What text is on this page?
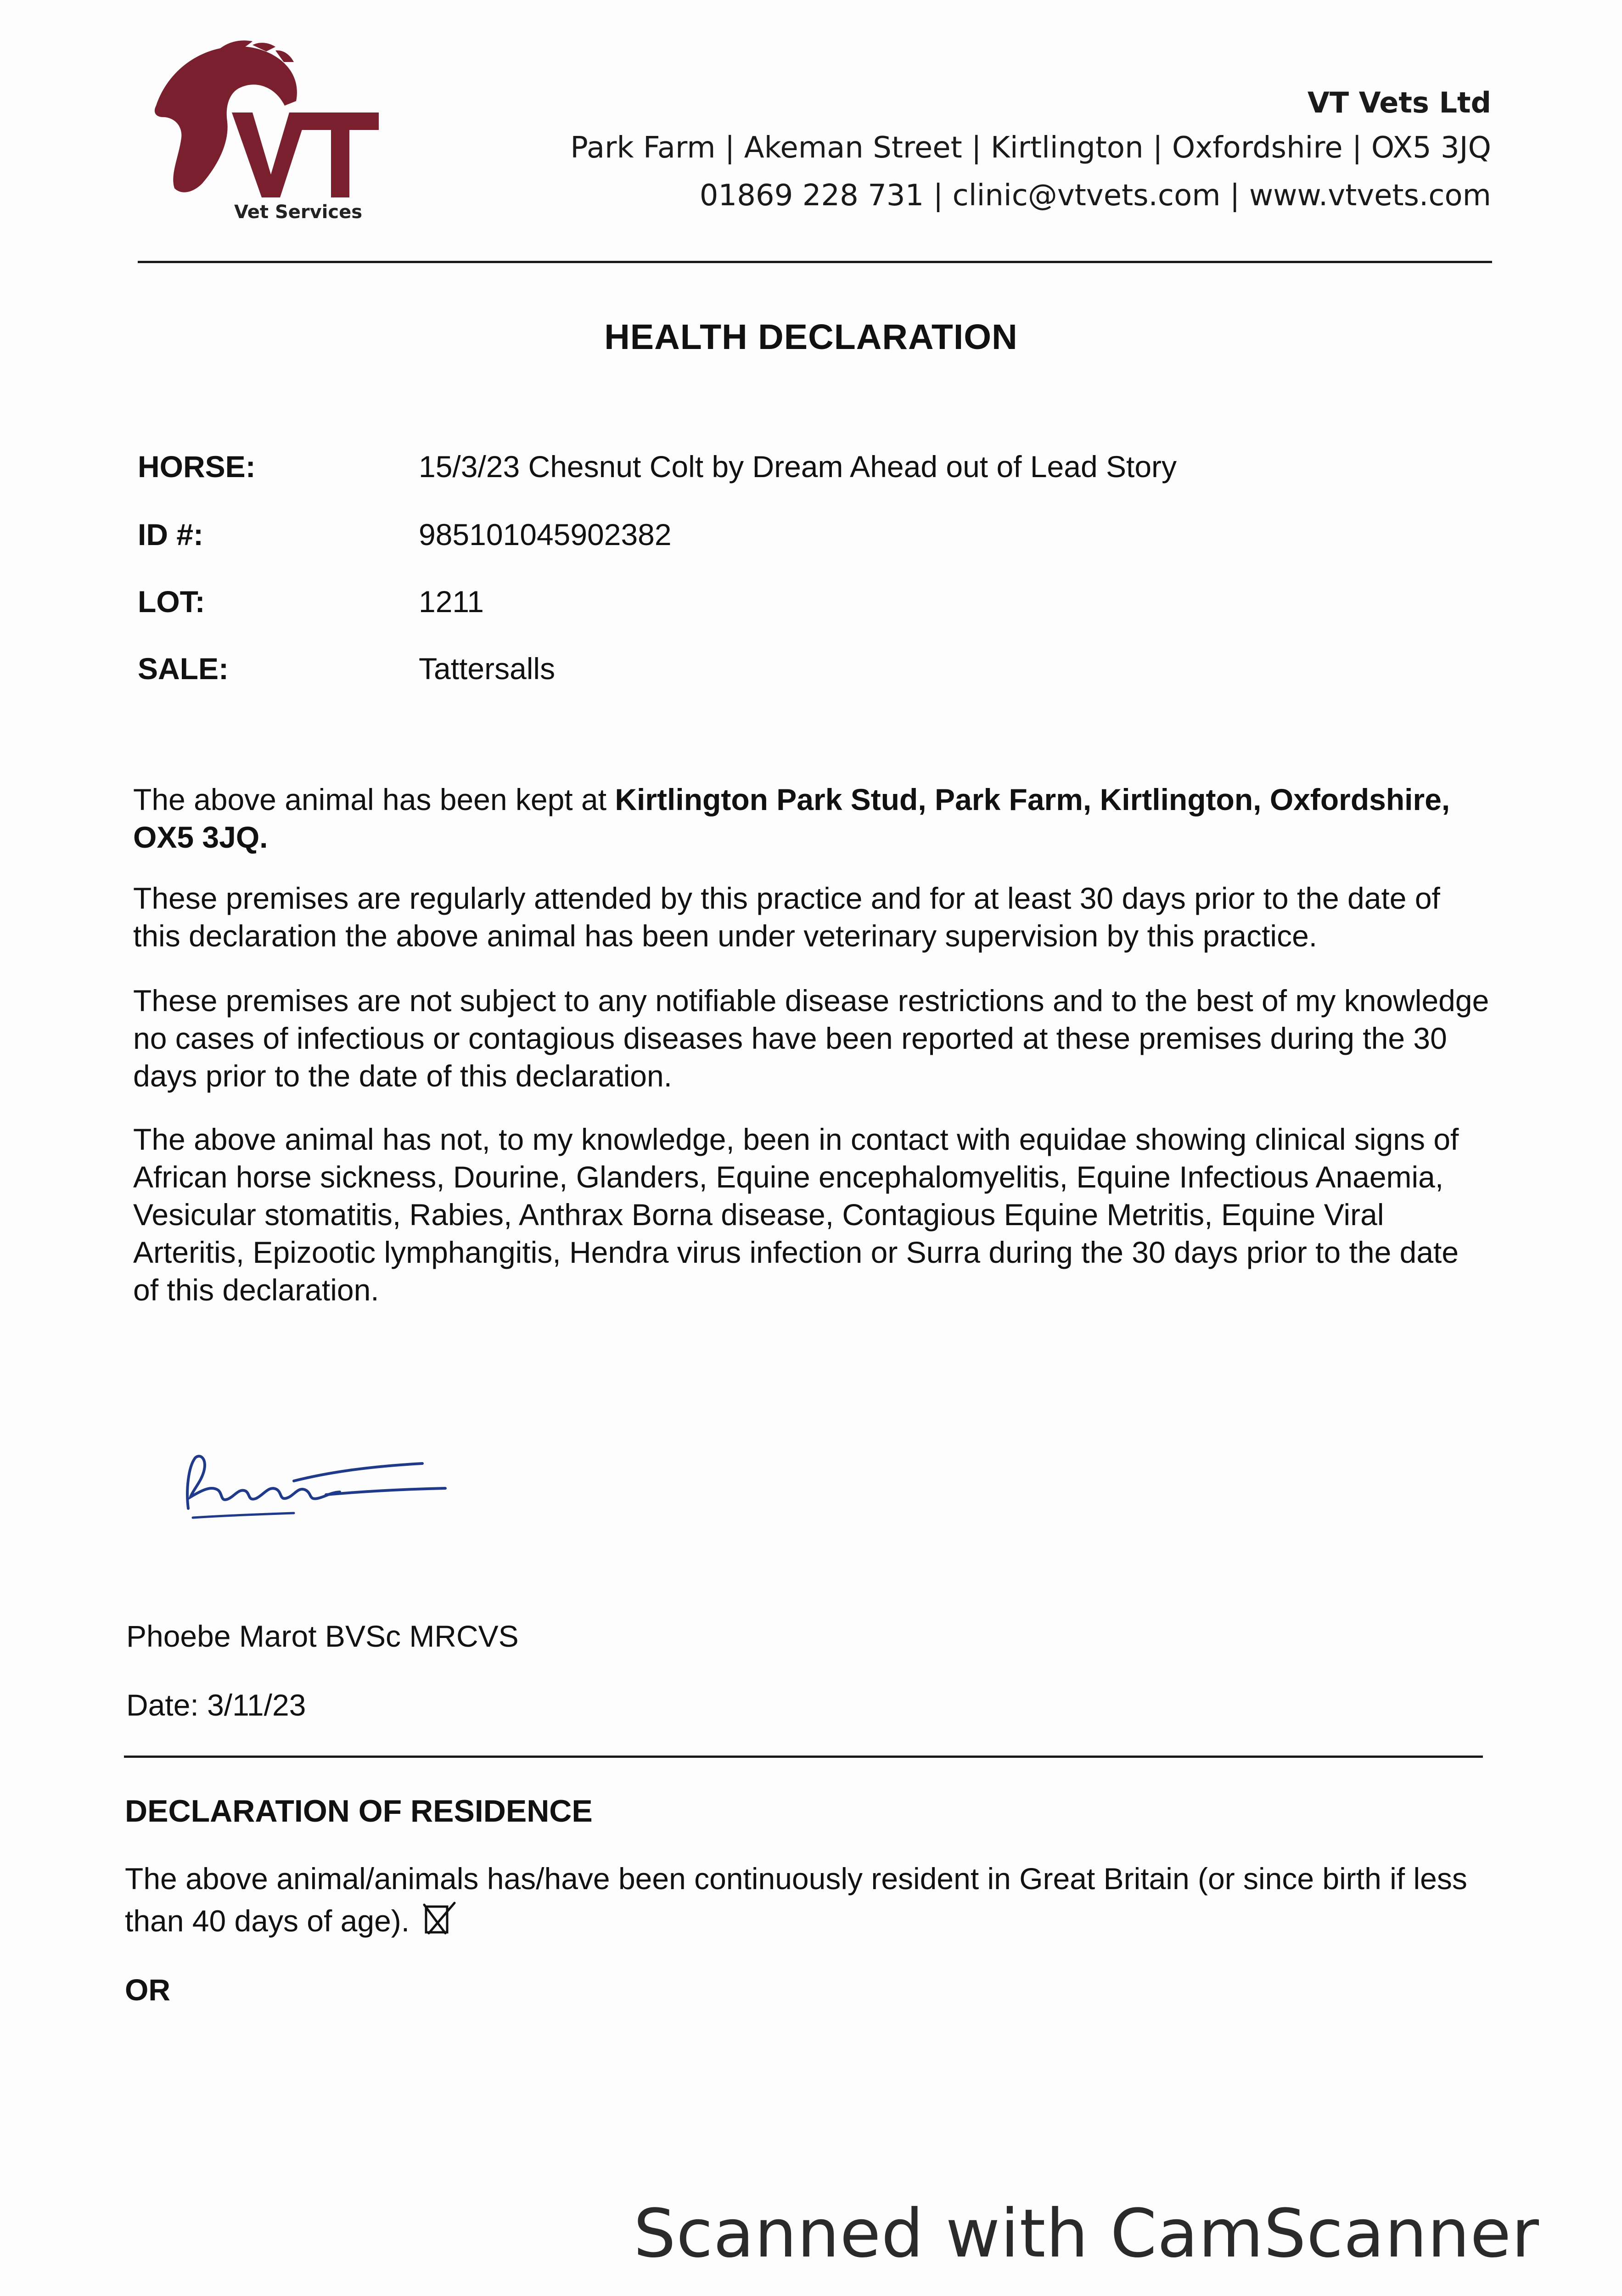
Vet Services
VT Vets Ltd
Park Farm | Akeman Street | Kirtlington | Oxfordshire | OX5 3JQ
01869 228 731 | clinic@vtvets.com | www.vtvets.com
HEALTH DECLARATION
HORSE:	15/3/23 Chesnut Colt by Dream Ahead out of Lead Story
ID #:	985101045902382
LOT:	1211
SALE:	Tattersalls
The above animal has been kept at Kirtlington Park Stud, Park Farm, Kirtlington, Oxfordshire, OX5 3JQ.
These premises are regularly attended by this practice and for at least 30 days prior to the date of this declaration the above animal has been under veterinary supervision by this practice.
These premises are not subject to any notifiable disease restrictions and to the best of my knowledge no cases of infectious or contagious diseases have been reported at these premises during the 30 days prior to the date of this declaration.
The above animal has not, to my knowledge, been in contact with equidae showing clinical signs of African horse sickness, Dourine, Glanders, Equine encephalomyelitis, Equine Infectious Anaemia, Vesicular stomatitis, Rabies, Anthrax Borna disease, Contagious Equine Metritis, Equine Viral Arteritis, Epizootic lymphangitis, Hendra virus infection or Surra during the 30 days prior to the date of this declaration.
Phoebe Marot BVSc MRCVS
Date: 3/11/23
DECLARATION OF RESIDENCE
The above animal/animals has/have been continuously resident in Great Britain (or since birth if less than 40 days of age).
OR
Scanned with CamScanner
